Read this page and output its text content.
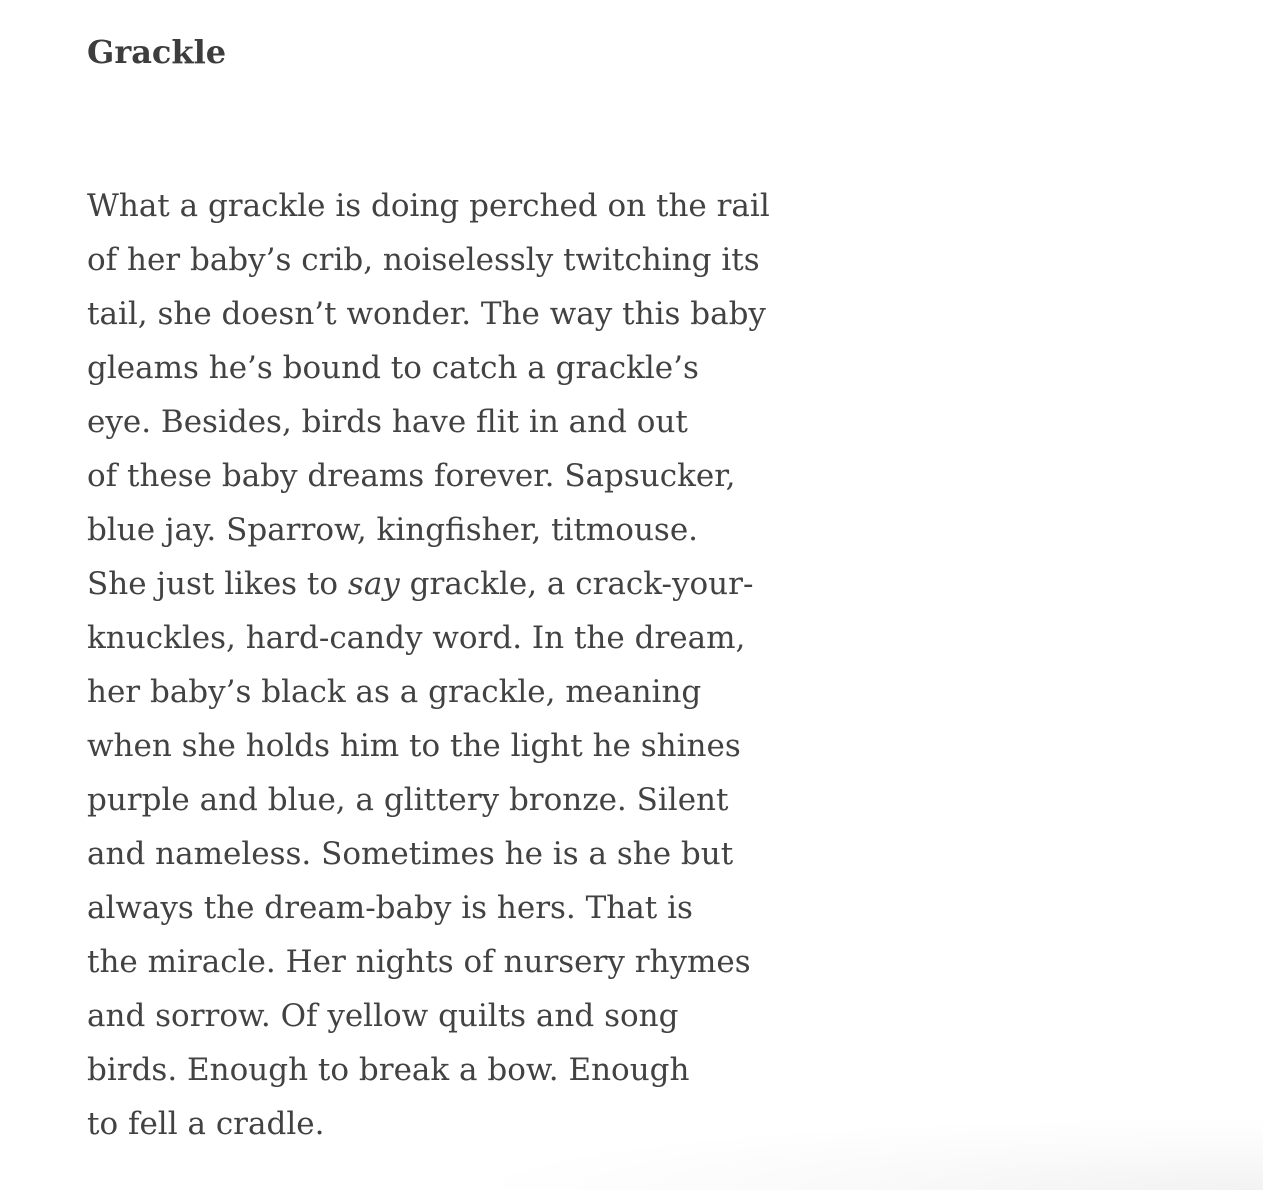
Grackle
What a grackle is doing perched on the rail
of her baby’s crib, noiselessly twitching its
tail, she doesn’t wonder. The way this baby
gleams he’s bound to catch a grackle’s
eye. Besides, birds have flit in and out
of these baby dreams forever. Sapsucker,
blue jay. Sparrow, kingfisher, titmouse.
She just likes to say grackle, a crack-your-
knuckles, hard-candy word. In the dream,
her baby’s black as a grackle, meaning
when she holds him to the light he shines
purple and blue, a glittery bronze. Silent
and nameless. Sometimes he is a she but
always the dream-baby is hers. That is
the miracle. Her nights of nursery rhymes
and sorrow. Of yellow quilts and song
birds. Enough to break a bow. Enough
to fell a cradle.
